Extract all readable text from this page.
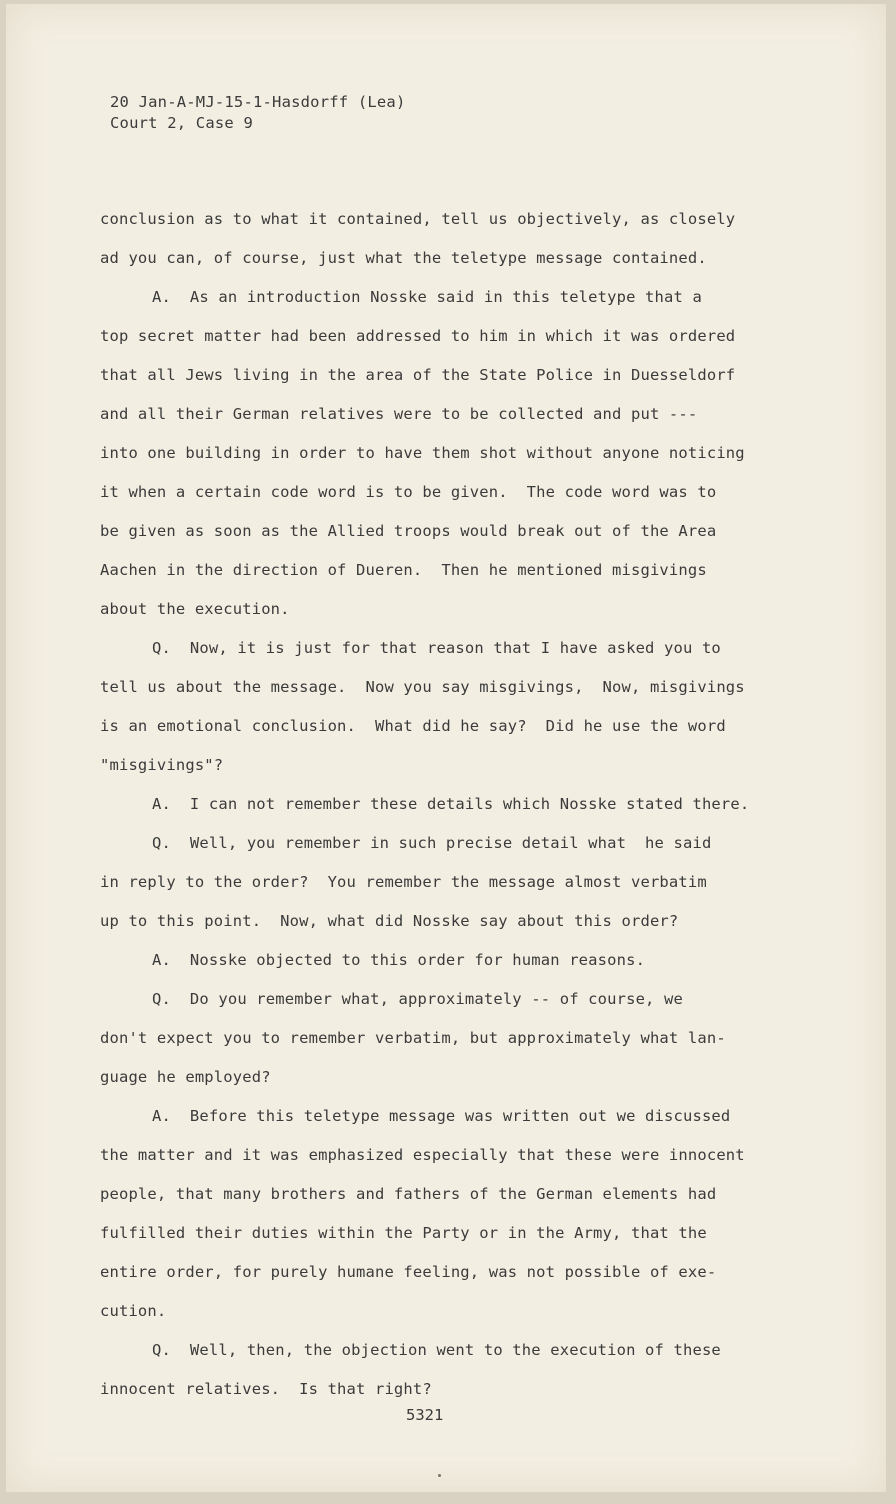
20 Jan-A-MJ-15-1-Hasdorff (Lea)
Court 2, Case 9
conclusion as to what it contained, tell us objectively, as closely
ad you can, of course, just what the teletype message contained.
A.  As an introduction Nosske said in this teletype that a
top secret matter had been addressed to him in which it was ordered
that all Jews living in the area of the State Police in Duesseldorf
and all their German relatives were to be collected and put ---
into one building in order to have them shot without anyone noticing
it when a certain code word is to be given.  The code word was to
be given as soon as the Allied troops would break out of the Area
Aachen in the direction of Dueren.  Then he mentioned misgivings
about the execution.
Q.  Now, it is just for that reason that I have asked you to
tell us about the message.  Now you say misgivings,  Now, misgivings
is an emotional conclusion.  What did he say?  Did he use the word
"misgivings"?
A.  I can not remember these details which Nosske stated there.
Q.  Well, you remember in such precise detail what  he said
in reply to the order?  You remember the message almost verbatim
up to this point.  Now, what did Nosske say about this order?
A.  Nosske objected to this order for human reasons.
Q.  Do you remember what, approximately -- of course, we
don't expect you to remember verbatim, but approximately what lan-
guage he employed?
A.  Before this teletype message was written out we discussed
the matter and it was emphasized especially that these were innocent
people, that many brothers and fathers of the German elements had
fulfilled their duties within the Party or in the Army, that the
entire order, for purely humane feeling, was not possible of exe-
cution.
Q.  Well, then, the objection went to the execution of these
innocent relatives.  Is that right?
5321
